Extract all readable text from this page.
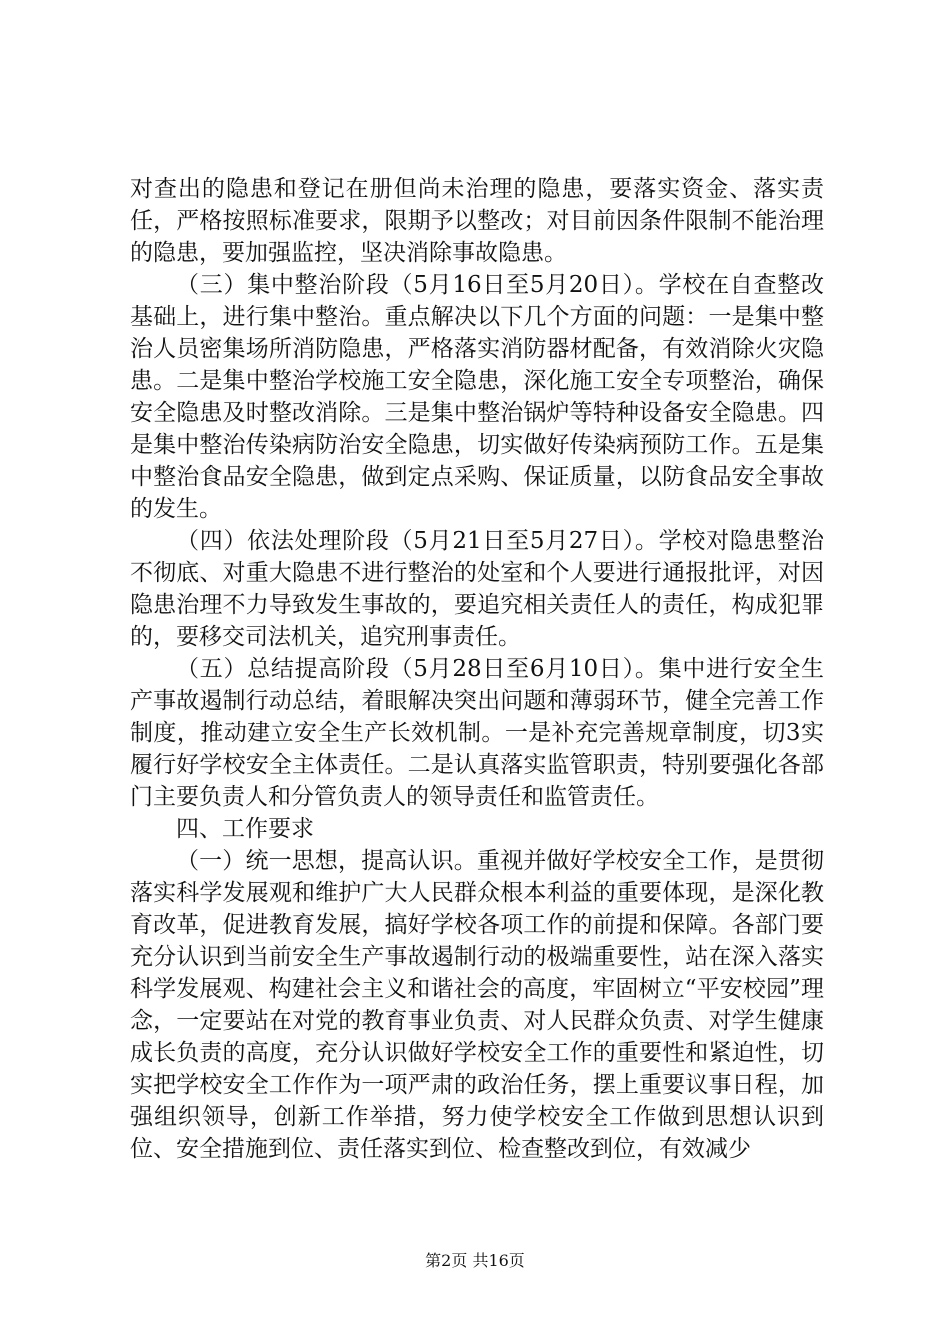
对查出的隐患和登记在册但尚未治理的隐患，要落实资金、落实责任，严格按照标准要求，限期予以整改；对目前因条件限制不能治理的隐患，要加强监控，坚决消除事故隐患。

（三）集中整治阶段（5月16日至5月20日）。学校在自查整改基础上，进行集中整治。重点解决以下几个方面的问题：一是集中整治人员密集场所消防隐患，严格落实消防器材配备，有效消除火灾隐患。二是集中整治学校施工安全隐患，深化施工安全专项整治，确保安全隐患及时整改消除。三是集中整治锅炉等特种设备安全隐患。四是集中整治传染病防治安全隐患，切实做好传染病预防工作。五是集中整治食品安全隐患，做到定点采购、保证质量，以防食品安全事故的发生。

（四）依法处理阶段（5月21日至5月27日）。学校对隐患整治不彻底、对重大隐患不进行整治的处室和个人要进行通报批评，对因隐患治理不力导致发生事故的，要追究相关责任人的责任，构成犯罪的，要移交司法机关，追究刑事责任。

（五）总结提高阶段（5月28日至6月10日）。集中进行安全生产事故遏制行动总结，着眼解决突出问题和薄弱环节，健全完善工作制度，推动建立安全生产长效机制。一是补充完善规章制度，切3实履行好学校安全主体责任。二是认真落实监管职责，特别要强化各部门主要负责人和分管负责人的领导责任和监管责任。

四、工作要求

（一）统一思想，提高认识。重视并做好学校安全工作，是贯彻落实科学发展观和维护广大人民群众根本利益的重要体现，是深化教育改革，促进教育发展，搞好学校各项工作的前提和保障。各部门要充分认识到当前安全生产事故遏制行动的极端重要性，站在深入落实科学发展观、构建社会主义和谐社会的高度，牢固树立“平安校园”理念，一定要站在对党的教育事业负责、对人民群众负责、对学生健康成长负责的高度，充分认识做好学校安全工作的重要性和紧迫性，切实把学校安全工作作为一项严肃的政治任务，摆上重要议事日程，加强组织领导，创新工作举措，努力使学校安全工作做到思想认识到位、安全措施到位、责任落实到位、检查整改到位，有效减少

第2页 共16页
